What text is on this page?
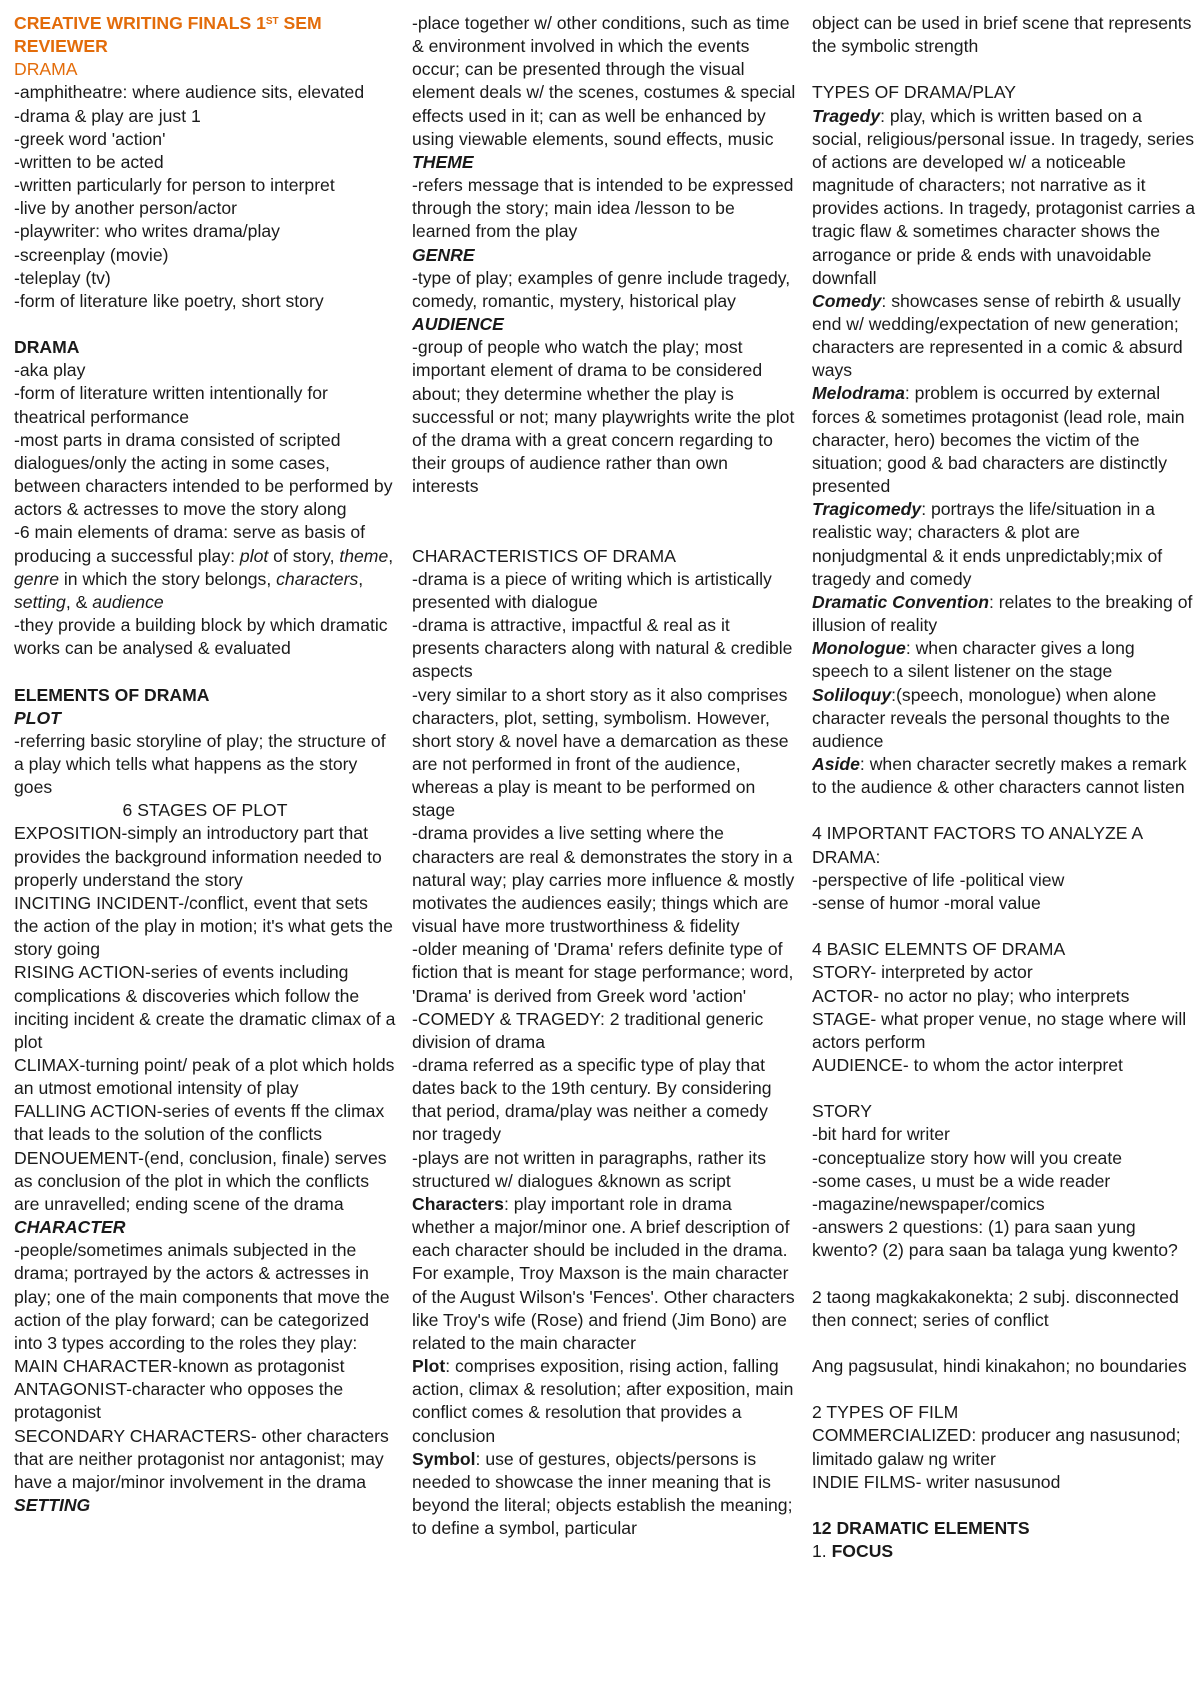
CREATIVE WRITING FINALS 1ST SEM REVIEWER
DRAMA
-amphitheatre: where audience sits, elevated
-drama & play are just 1
-greek word 'action'
-written to be acted
-written particularly for person to interpret
-live by another person/actor
-playwriter: who writes drama/play
-screenplay (movie)
-teleplay (tv)
-form of literature like poetry, short story
DRAMA
-aka play
-form of literature written intentionally for theatrical performance
-most parts in drama consisted of scripted dialogues/only the acting in some cases, between characters intended to be performed by actors & actresses to move the story along
-6 main elements of drama: serve as basis of producing a successful play: plot of story, theme, genre in which the story belongs, characters, setting, & audience
-they provide a building block by which dramatic works can be analysed & evaluated
ELEMENTS OF DRAMA
PLOT
-referring basic storyline of play; the structure of a play which tells what happens as the story goes
6 STAGES OF PLOT
EXPOSITION-simply an introductory part that provides the background information needed to properly understand the story
INCITING INCIDENT-/conflict, event that sets the action of the play in motion; it's what gets the story going
RISING ACTION-series of events including complications & discoveries which follow the inciting incident & create the dramatic climax of a plot
CLIMAX-turning point/ peak of a plot which holds an utmost emotional intensity of play
FALLING ACTION-series of events ff the climax that leads to the solution of the conflicts
DENOUEMENT-(end, conclusion, finale) serves as conclusion of the plot in which the conflicts are unravelled; ending scene of the drama
CHARACTER
-people/sometimes animals subjected in the drama; portrayed by the actors & actresses in play; one of the main components that move the action of the play forward; can be categorized into 3 types according to the roles they play:
MAIN CHARACTER-known as protagonist
ANTAGONIST-character who opposes the protagonist
SECONDARY CHARACTERS- other characters that are neither protagonist nor antagonist; may have a major/minor involvement in the drama
SETTING
-place together w/ other conditions, such as time & environment involved in which the events occur; can be presented through the visual element deals w/ the scenes, costumes & special effects used in it; can as well be enhanced by using viewable elements, sound effects, music
THEME
-refers message that is intended to be expressed through the story; main idea /lesson to be learned from the play
GENRE
-type of play; examples of genre include tragedy, comedy, romantic, mystery, historical play
AUDIENCE
-group of people who watch the play; most important element of drama to be considered about; they determine whether the play is successful or not; many playwrights write the plot of the drama with a great concern regarding to their groups of audience rather than own interests
CHARACTERISTICS OF DRAMA
-drama is a piece of writing which is artistically presented with dialogue
-drama is attractive, impactful & real as it presents characters along with natural & credible aspects
-very similar to a short story as it also comprises characters, plot, setting, symbolism. However, short story & novel have a demarcation as these are not performed in front of the audience, whereas a play is meant to be performed on stage
-drama provides a live setting where the characters are real & demonstrates the story in a natural way; play carries more influence & mostly motivates the audiences easily; things which are visual have more trustworthiness & fidelity
-older meaning of 'Drama' refers definite type of fiction that is meant for stage performance; word, 'Drama' is derived from Greek word 'action'
-COMEDY & TRAGEDY: 2 traditional generic division of drama
-drama referred as a specific type of play that dates back to the 19th century. By considering that period, drama/play was neither a comedy nor tragedy
-plays are not written in paragraphs, rather its structured w/ dialogues &known as script
Characters: play important role in drama whether a major/minor one. A brief description of each character should be included in the drama. For example, Troy Maxson is the main character of the August Wilson's 'Fences'. Other characters like Troy's wife (Rose) and friend (Jim Bono) are related to the main character
Plot: comprises exposition, rising action, falling action, climax & resolution; after exposition, main conflict comes & resolution that provides a conclusion
Symbol: use of gestures, objects/persons is needed to showcase the inner meaning that is beyond the literal; objects establish the meaning; to define a symbol, particular
object can be used in brief scene that represents the symbolic strength
TYPES OF DRAMA/PLAY
Tragedy: play, which is written based on a social, religious/personal issue. In tragedy, series of actions are developed w/ a noticeable magnitude of characters; not narrative as it provides actions. In tragedy, protagonist carries a tragic flaw & sometimes character shows the arrogance or pride & ends with unavoidable downfall
Comedy: showcases sense of rebirth & usually end w/ wedding/expectation of new generation; characters are represented in a comic & absurd ways
Melodrama: problem is occurred by external forces & sometimes protagonist (lead role, main character, hero) becomes the victim of the situation; good & bad characters are distinctly presented
Tragicomedy: portrays the life/situation in a realistic way; characters & plot are nonjudgmental & it ends unpredictably;mix of tragedy and comedy
Dramatic Convention: relates to the breaking of illusion of reality
Monologue: when character gives a long speech to a silent listener on the stage
Soliloquy:(speech, monologue) when alone character reveals the personal thoughts to the audience
Aside: when character secretly makes a remark to the audience & other characters cannot listen
4 IMPORTANT FACTORS TO ANALYZE A DRAMA:
-perspective of life -political view
-sense of humor -moral value
4 BASIC ELEMNTS OF DRAMA
STORY- interpreted by actor
ACTOR- no actor no play; who interprets
STAGE- what proper venue, no stage where will actors perform
AUDIENCE- to whom the actor interpret
STORY
-bit hard for writer
-conceptualize story how will you create
-some cases, u must be a wide reader
-magazine/newspaper/comics
-answers 2 questions: (1) para saan yung kwento? (2) para saan ba talaga yung kwento?
2 taong magkakakonekta; 2 subj. disconnected then connect; series of conflict
Ang pagsusulat, hindi kinakahon; no boundaries
2 TYPES OF FILM
COMMERCIALIZED: producer ang nasusunod; limitado galaw ng writer
INDIE FILMS- writer nasusunod
12 DRAMATIC ELEMENTS
1. FOCUS
